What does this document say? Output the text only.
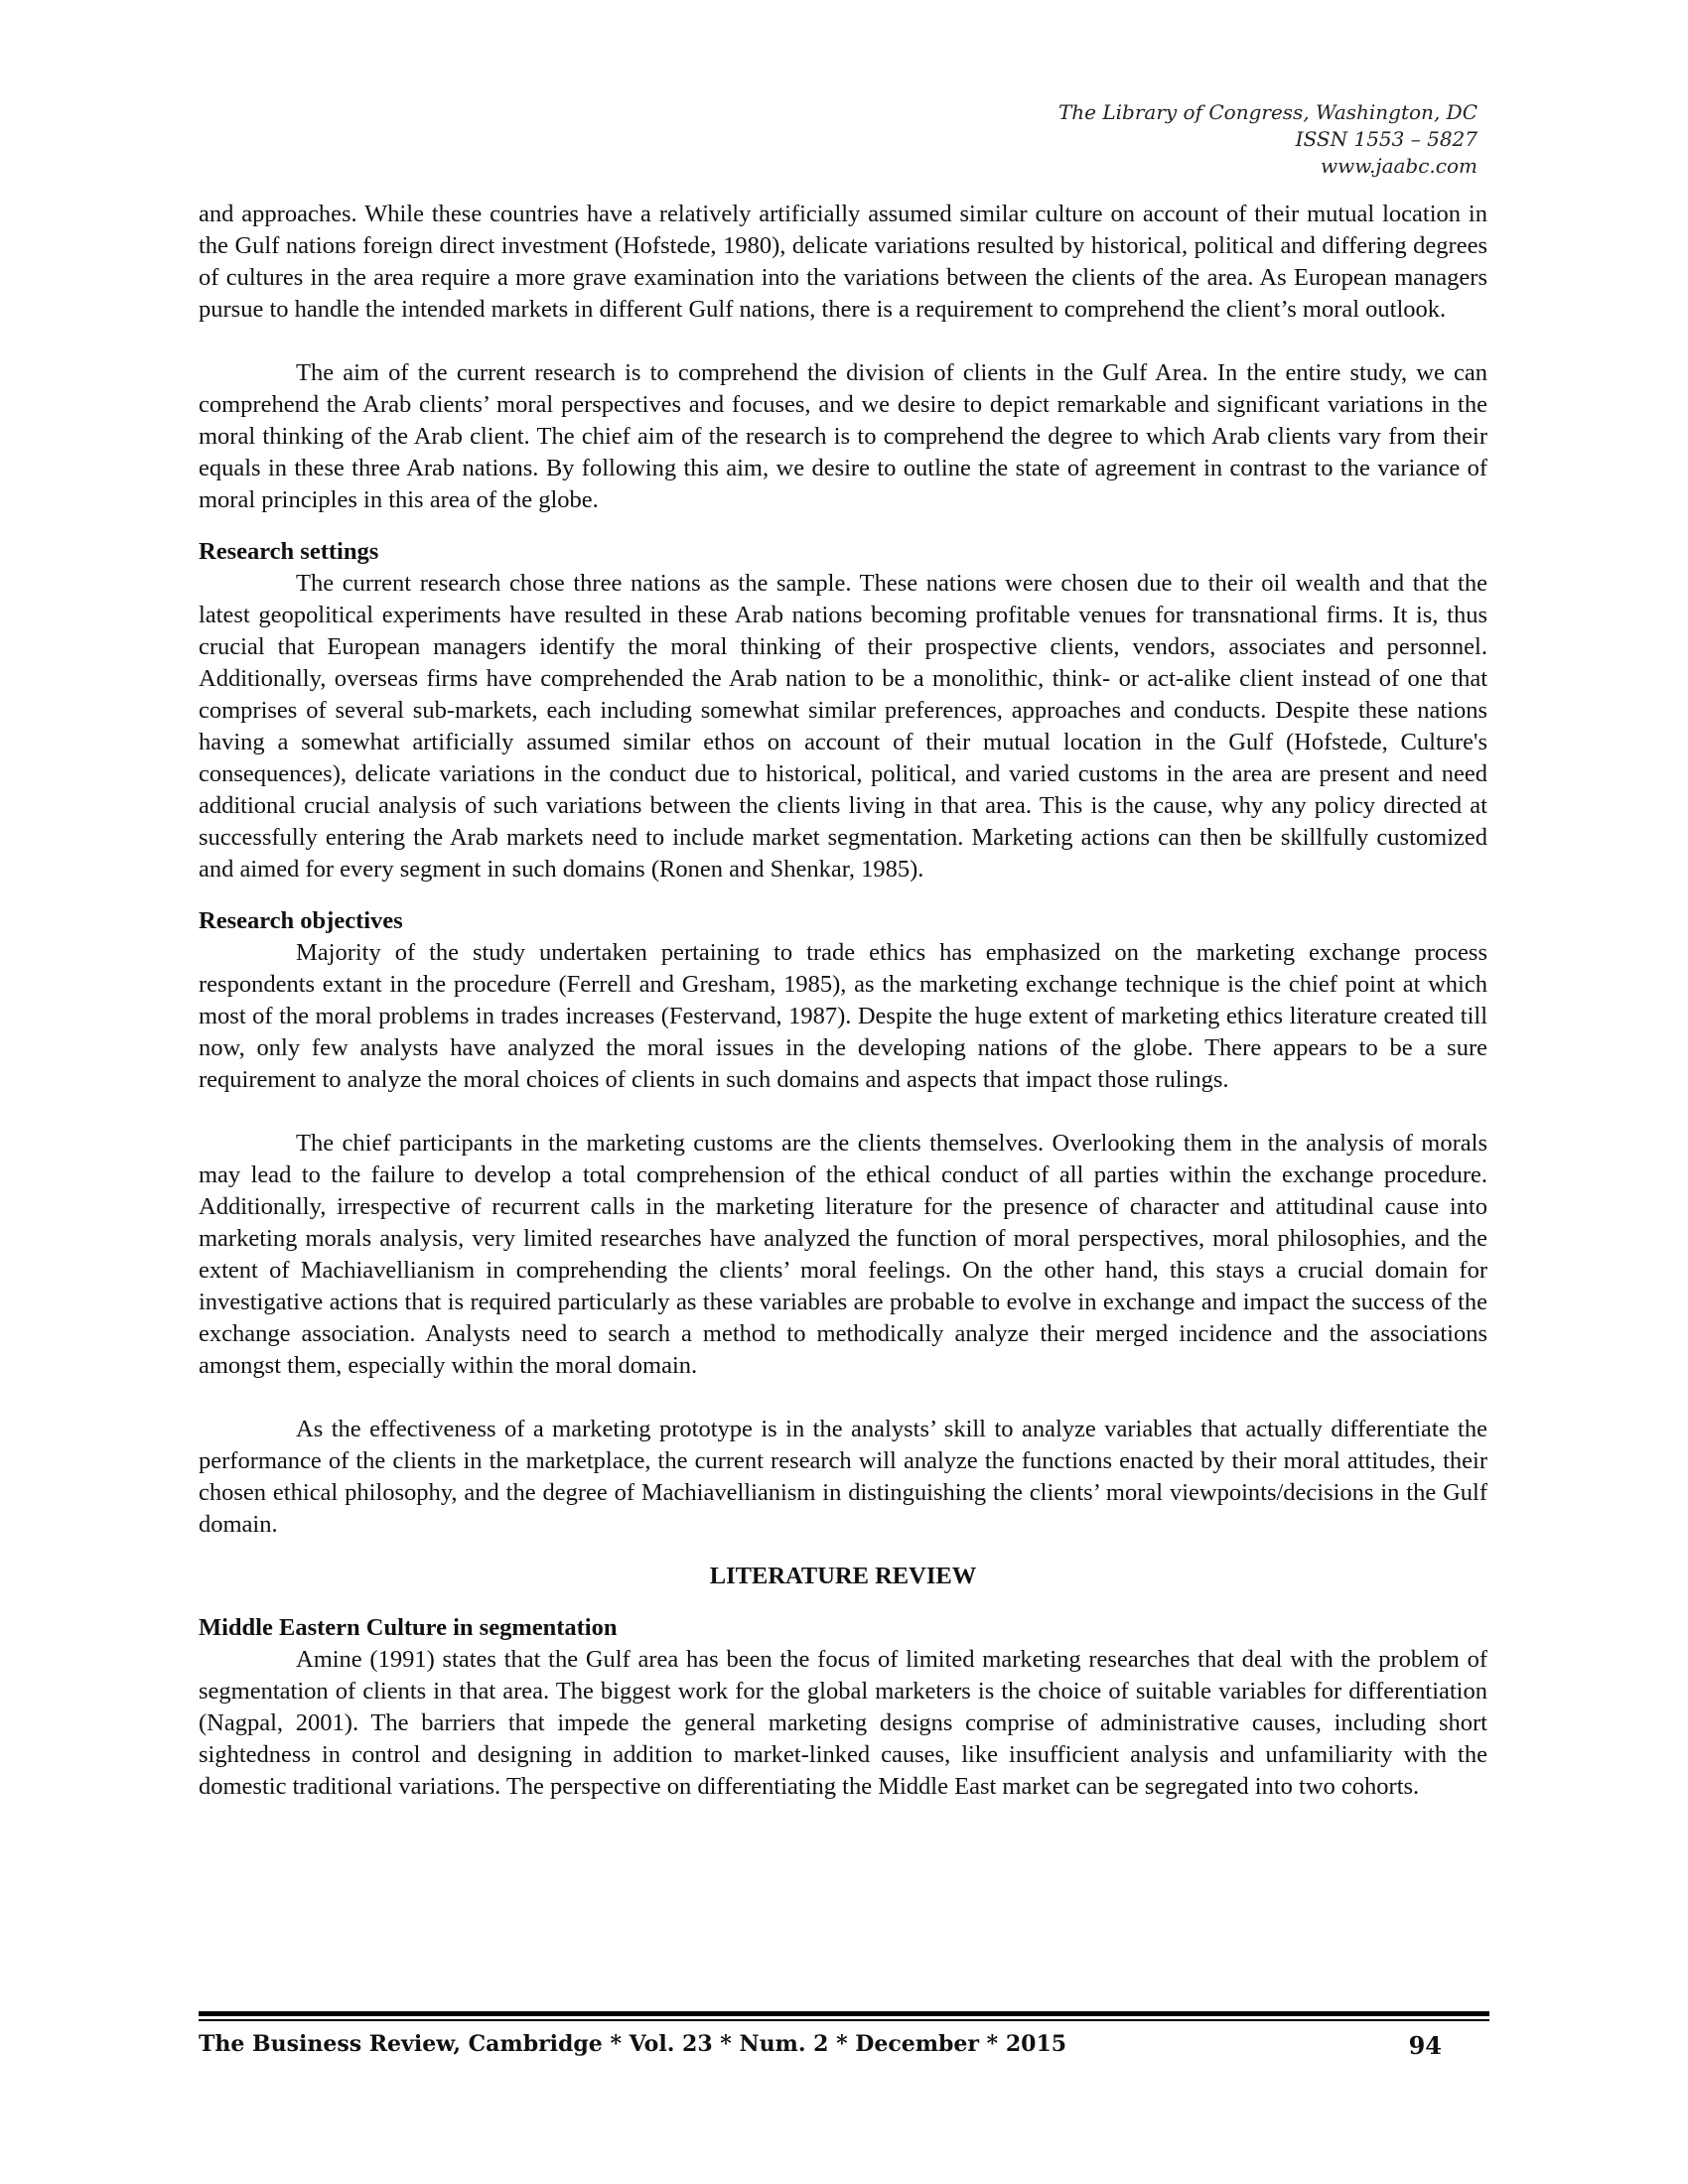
The Library of Congress, Washington, DC
ISSN 1553 – 5827
www.jaabc.com

and approaches. While these countries have a relatively artificially assumed similar culture on account of their mutual location in the Gulf nations foreign direct investment (Hofstede, 1980), delicate variations resulted by historical, political and differing degrees of cultures in the area require a more grave examination into the variations between the clients of the area. As European managers pursue to handle the intended markets in different Gulf nations, there is a requirement to comprehend the client’s moral outlook.

The aim of the current research is to comprehend the division of clients in the Gulf Area. In the entire study, we can comprehend the Arab clients’ moral perspectives and focuses, and we desire to depict remarkable and significant variations in the moral thinking of the Arab client. The chief aim of the research is to comprehend the degree to which Arab clients vary from their equals in these three Arab nations. By following this aim, we desire to outline the state of agreement in contrast to the variance of moral principles in this area of the globe.

Research settings

The current research chose three nations as the sample. These nations were chosen due to their oil wealth and that the latest geopolitical experiments have resulted in these Arab nations becoming profitable venues for transnational firms. It is, thus crucial that European managers identify the moral thinking of their prospective clients, vendors, associates and personnel. Additionally, overseas firms have comprehended the Arab nation to be a monolithic, think- or act-alike client instead of one that comprises of several sub-markets, each including somewhat similar preferences, approaches and conducts. Despite these nations having a somewhat artificially assumed similar ethos on account of their mutual location in the Gulf (Hofstede, Culture's consequences), delicate variations in the conduct due to historical, political, and varied customs in the area are present and need additional crucial analysis of such variations between the clients living in that area. This is the cause, why any policy directed at successfully entering the Arab markets need to include market segmentation. Marketing actions can then be skillfully customized and aimed for every segment in such domains (Ronen and Shenkar, 1985).

Research objectives

Majority of the study undertaken pertaining to trade ethics has emphasized on the marketing exchange process respondents extant in the procedure (Ferrell and Gresham, 1985), as the marketing exchange technique is the chief point at which most of the moral problems in trades increases (Festervand, 1987). Despite the huge extent of marketing ethics literature created till now, only few analysts have analyzed the moral issues in the developing nations of the globe. There appears to be a sure requirement to analyze the moral choices of clients in such domains and aspects that impact those rulings.

The chief participants in the marketing customs are the clients themselves. Overlooking them in the analysis of morals may lead to the failure to develop a total comprehension of the ethical conduct of all parties within the exchange procedure. Additionally, irrespective of recurrent calls in the marketing literature for the presence of character and attitudinal cause into marketing morals analysis, very limited researches have analyzed the function of moral perspectives, moral philosophies, and the extent of Machiavellianism in comprehending the clients’ moral feelings. On the other hand, this stays a crucial domain for investigative actions that is required particularly as these variables are probable to evolve in exchange and impact the success of the exchange association. Analysts need to search a method to methodically analyze their merged incidence and the associations amongst them, especially within the moral domain.

As the effectiveness of a marketing prototype is in the analysts’ skill to analyze variables that actually differentiate the performance of the clients in the marketplace, the current research will analyze the functions enacted by their moral attitudes, their chosen ethical philosophy, and the degree of Machiavellianism in distinguishing the clients’ moral viewpoints/decisions in the Gulf domain.

LITERATURE REVIEW
Middle Eastern Culture in segmentation

Amine (1991) states that the Gulf area has been the focus of limited marketing researches that deal with the problem of segmentation of clients in that area. The biggest work for the global marketers is the choice of suitable variables for differentiation (Nagpal, 2001). The barriers that impede the general marketing designs comprise of administrative causes, including short sightedness in control and designing in addition to market-linked causes, like insufficient analysis and unfamiliarity with the domestic traditional variations. The perspective on differentiating the Middle East market can be segregated into two cohorts.

The Business Review, Cambridge * Vol. 23 * Num. 2 * December * 2015	94
